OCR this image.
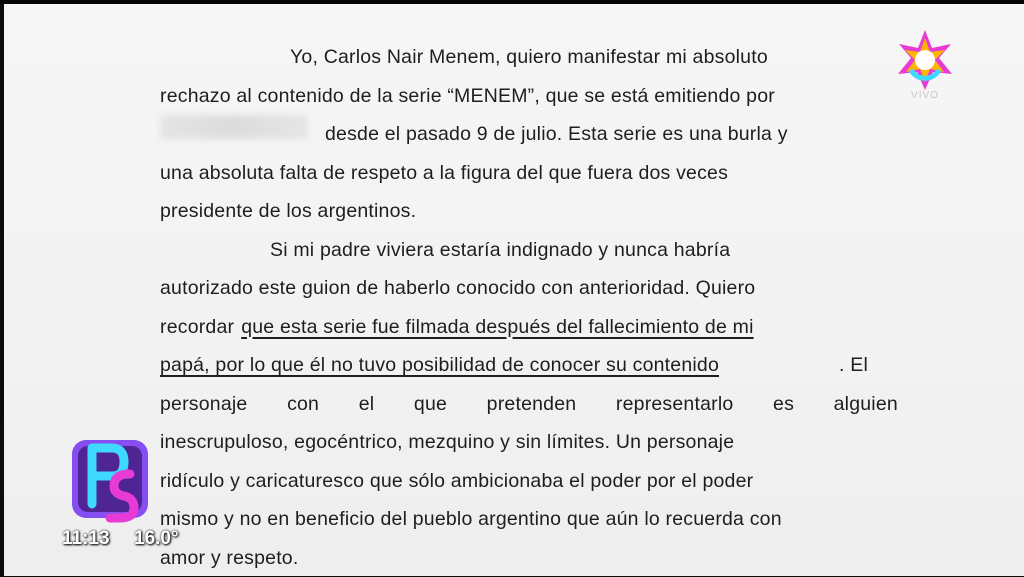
Yo, Carlos Nair Menem, quiero manifestar mi absoluto
rechazo al contenido de la serie “MENEM”, que se está emitiendo por
desde el pasado 9 de julio. Esta serie es una burla y
una absoluta falta de respeto a la figura del que fuera dos veces
presidente de los argentinos.
Si mi padre viviera estaría indignado y nunca habría
autorizado este guion de haberlo conocido con anterioridad. Quiero
recordar que esta serie fue filmada después del fallecimiento de mi
papá, por lo que él no tuvo posibilidad de conocer su contenido	. El
personaje con el que pretenden representarlo es alguien
inescrupuloso, egocéntrico, mezquino y sin límites. Un personaje
ridículo y caricaturesco que sólo ambicionaba el poder por el poder
mismo y no en beneficio del pueblo argentino que aún lo recuerda con
amor y respeto.
VIVO
11:13 16.0°
